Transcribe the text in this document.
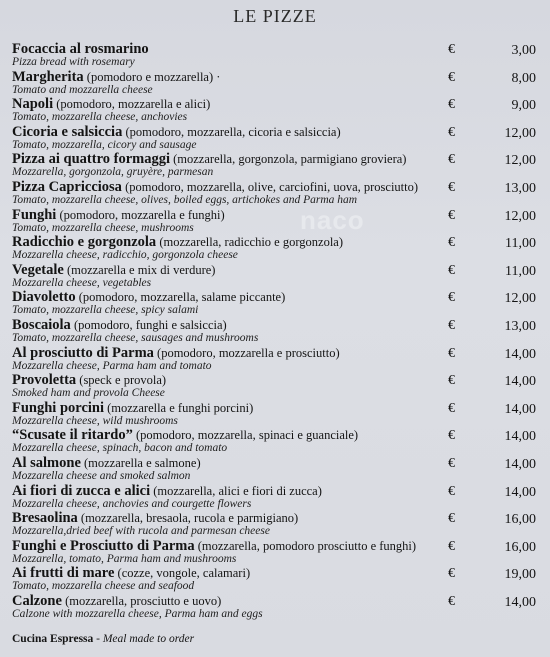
LE PIZZE
naco
Focaccia al rosmarino
Pizza bread with rosemary
€	3,00
Margherita (pomodoro e mozzarella) ·
Tomato and mozzarella cheese
€	8,00
Napoli (pomodoro, mozzarella e alici)
Tomato, mozzarella cheese, anchovies
€	9,00
Cicoria e salsiccia (pomodoro, mozzarella, cicoria e salsiccia)
Tomato, mozzarella, cicory and sausage
€	12,00
Pizza ai quattro formaggi (mozzarella, gorgonzola, parmigiano groviera)
Mozzarella, gorgonzola, gruyère, parmesan
€	12,00
Pizza Capricciosa (pomodoro, mozzarella, olive, carciofini, uova, prosciutto)
Tomato, mozzarella cheese, olives, boiled eggs, artichokes and Parma ham
€	13,00
Funghi (pomodoro, mozzarella e funghi)
Tomato, mozzarella cheese, mushrooms
€	12,00
Radicchio e gorgonzola (mozzarella, radicchio e gorgonzola)
Mozzarella cheese, radicchio, gorgonzola cheese
€	11,00
Vegetale (mozzarella e mix di verdure)
Mozzarella cheese, vegetables
€	11,00
Diavoletto (pomodoro, mozzarella, salame piccante)
Tomato, mozzarella cheese, spicy salami
€	12,00
Boscaiola (pomodoro, funghi e salsiccia)
Tomato, mozzarella cheese, sausages and mushrooms
€	13,00
Al prosciutto di Parma (pomodoro, mozzarella e prosciutto)
Mozzarella cheese, Parma ham and tomato
€	14,00
Provoletta (speck e provola)
Smoked ham and provola Cheese
€	14,00
Funghi porcini (mozzarella e funghi porcini)
Mozzarella cheese, wild mushrooms
€	14,00
“Scusate il ritardo” (pomodoro, mozzarella, spinaci e guanciale)
Mozzarella cheese, spinach, bacon and tomato
€	14,00
Al salmone (mozzarella e salmone)
Mozzarella cheese and smoked salmon
€	14,00
Ai fiori di zucca e alici (mozzarella, alici e fiori di zucca)
Mozzarella cheese, anchovies and courgette flowers
€	14,00
Bresaolina (mozzarella, bresaola, rucola e parmigiano)
Mozzarella,dried beef with rucola and parmesan cheese
€	16,00
Funghi e Prosciutto di Parma (mozzarella, pomodoro prosciutto e funghi)
Mozzarella, tomato, Parma ham and mushrooms
€	16,00
Ai frutti di mare (cozze, vongole, calamari)
Tomato, mozzarella cheese and seafood
€	19,00
Calzone (mozzarella, prosciutto e uovo)
Calzone with mozzarella cheese, Parma ham and eggs
€	14,00
Cucina Espressa - Meal made to order
